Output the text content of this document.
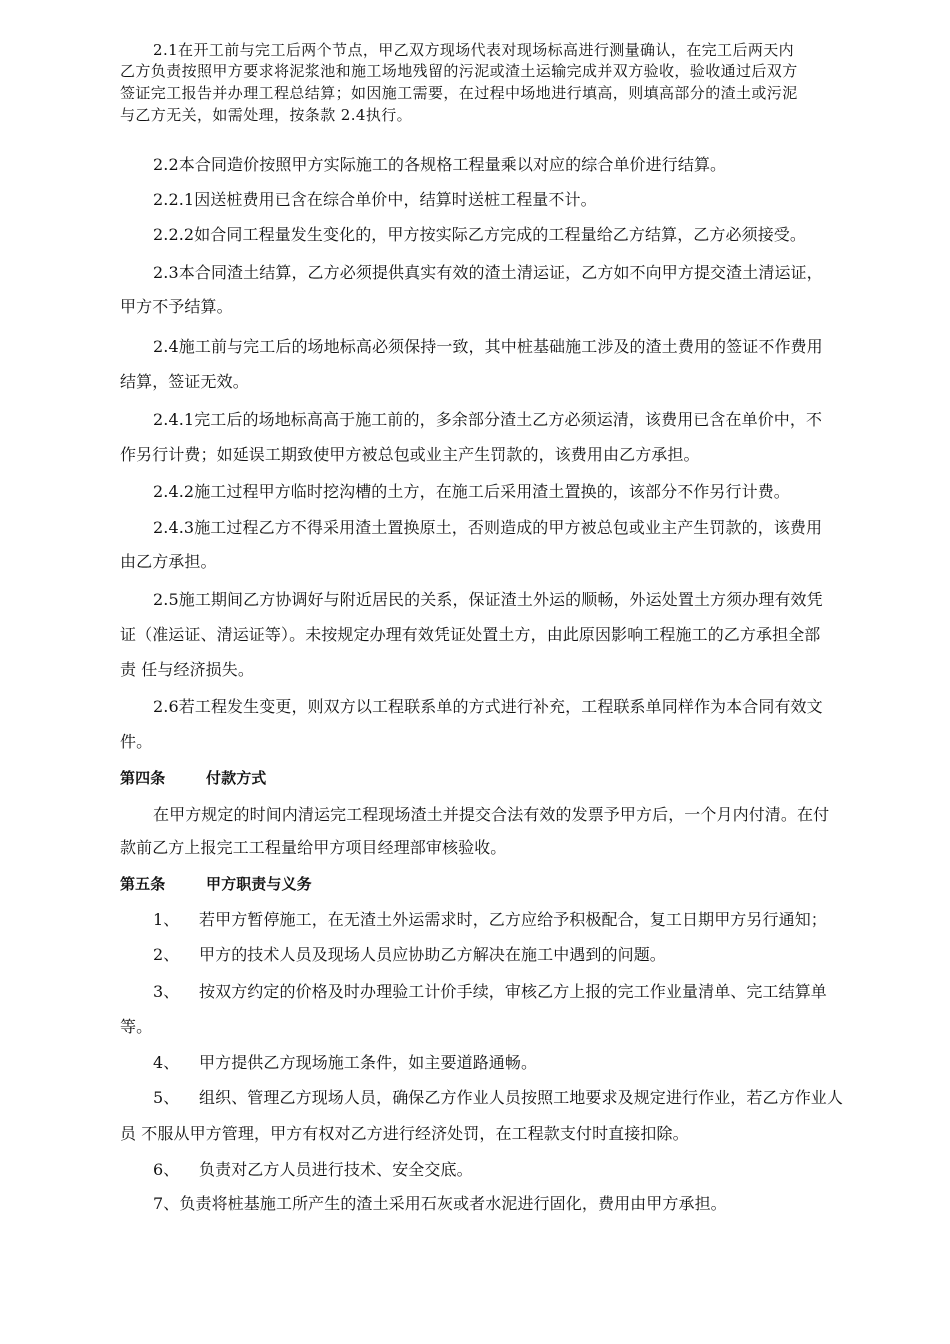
2.1在开工前与完工后两个节点，甲乙双方现场代表对现场标高进行测量确认，在完工后两天内
乙方负责按照甲方要求将泥浆池和施工场地残留的污泥或渣土运输完成并双方验收，验收通过后双方
签证完工报告并办理工程总结算；如因施工需要，在过程中场地进行填高，则填高部分的渣土或污泥
与乙方无关，如需处理，按条款 2.4执行。
2.2本合同造价按照甲方实际施工的各规格工程量乘以对应的综合单价进行结算。
2.2.1因送桩费用已含在综合单价中，结算时送桩工程量不计。
2.2.2如合同工程量发生变化的，甲方按实际乙方完成的工程量给乙方结算，乙方必须接受。
2.3本合同渣土结算，乙方必须提供真实有效的渣土清运证，乙方如不向甲方提交渣土清运证，
甲方不予结算。
2.4施工前与完工后的场地标高必须保持一致，其中桩基础施工涉及的渣土费用的签证不作费用
结算，签证无效。
2.4.1完工后的场地标高高于施工前的，多余部分渣土乙方必须运清，该费用已含在单价中，不
作另行计费；如延误工期致使甲方被总包或业主产生罚款的，该费用由乙方承担。
2.4.2施工过程甲方临时挖沟槽的土方，在施工后采用渣土置换的，该部分不作另行计费。
2.4.3施工过程乙方不得采用渣土置换原土，否则造成的甲方被总包或业主产生罚款的，该费用
由乙方承担。
2.5施工期间乙方协调好与附近居民的关系，保证渣土外运的顺畅，外运处置土方须办理有效凭
证（准运证、清运证等）。未按规定办理有效凭证处置土方，由此原因影响工程施工的乙方承担全部
责 任与经济损失。
2.6若工程发生变更，则双方以工程联系单的方式进行补充，工程联系单同样作为本合同有效文
件。
第四条	付款方式
在甲方规定的时间内清运完工程现场渣土并提交合法有效的发票予甲方后，一个月内付清。在付
款前乙方上报完工工程量给甲方项目经理部审核验收。
第五条	甲方职责与义务
1、 若甲方暂停施工，在无渣土外运需求时，乙方应给予积极配合，复工日期甲方另行通知；
2、 甲方的技术人员及现场人员应协助乙方解决在施工中遇到的问题。
3、 按双方约定的价格及时办理验工计价手续，审核乙方上报的完工作业量清单、完工结算单
等。
4、 甲方提供乙方现场施工条件，如主要道路通畅。
5、 组织、管理乙方现场人员，确保乙方作业人员按照工地要求及规定进行作业，若乙方作业人
员 不服从甲方管理，甲方有权对乙方进行经济处罚，在工程款支付时直接扣除。
6、 负责对乙方人员进行技术、安全交底。
7、负责将桩基施工所产生的渣土采用石灰或者水泥进行固化，费用由甲方承担。
